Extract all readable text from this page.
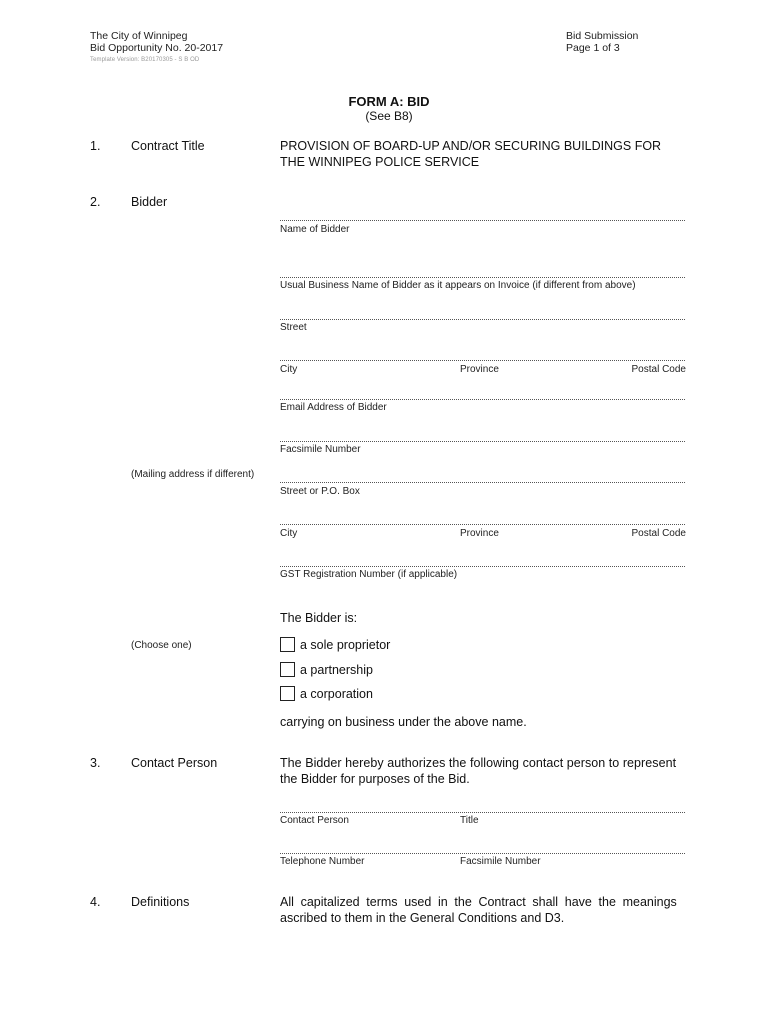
The City of Winnipeg
Bid Opportunity No. 20-2017
Template Version: B20170305 - S B OD
Bid Submission
Page 1 of 3
FORM A: BID
(See B8)
1. Contract Title	PROVISION OF BOARD-UP AND/OR SECURING BUILDINGS FOR
THE WINNIPEG POLICE SERVICE
2. Bidder
Name of Bidder
Usual Business Name of Bidder as it appears on Invoice (if different from above)
Street
City	Province	Postal Code
Email Address of Bidder
Facsimile Number
(Mailing address if different)
Street or P.O. Box
City	Province	Postal Code
GST Registration Number (if applicable)
The Bidder is:
(Choose one)	a sole proprietor
a partnership
a corporation
carrying on business under the above name.
3. Contact Person	The Bidder hereby authorizes the following contact person to represent
the Bidder for purposes of the Bid.
Contact Person	Title
Telephone Number	Facsimile Number
4. Definitions	All capitalized terms used in the Contract shall have the meanings
ascribed to them in the General Conditions and D3.
